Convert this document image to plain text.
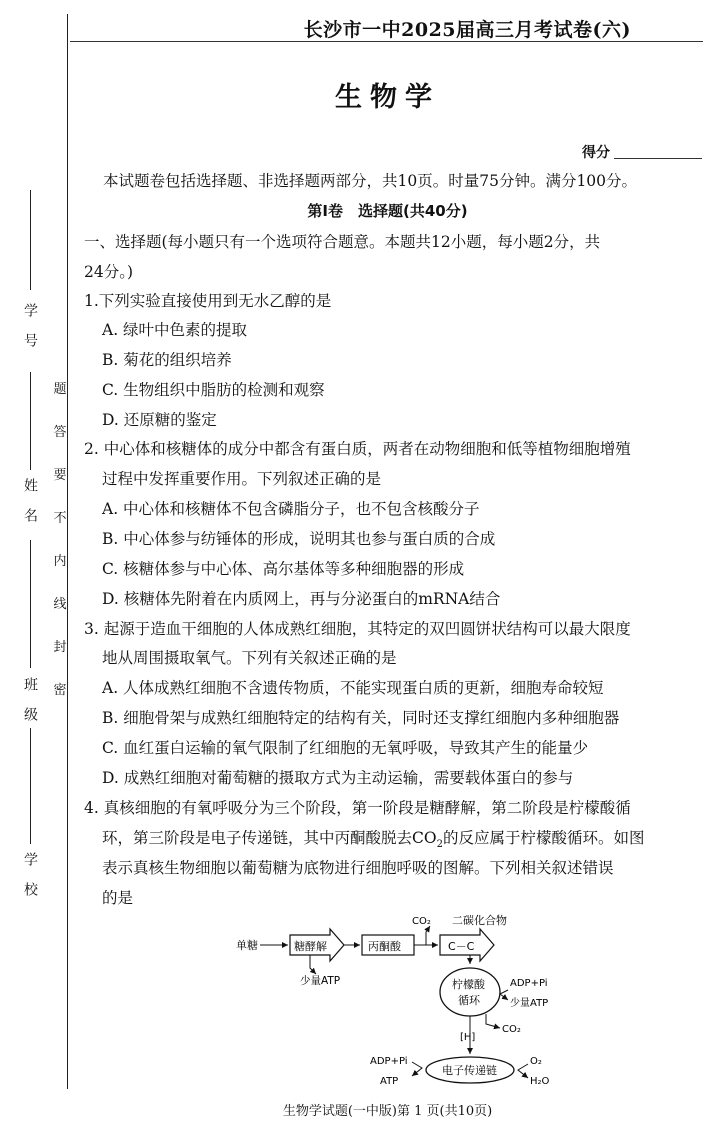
题
答
要
不
内
线
封
密
学 号
姓 名
班 级
学 校
长沙市一中2025届高三月考试卷(六)
生物学
得分
本试题卷包括选择题、非选择题两部分，共10页。时量75分钟。满分100分。
第Ⅰ卷　选择题(共40分)
一、选择题(每小题只有一个选项符合题意。本题共12小题，每小题2分，共
24分。)
1.下列实验直接使用到无水乙醇的是
A. 绿叶中色素的提取
B. 菊花的组织培养
C. 生物组织中脂肪的检测和观察
D. 还原糖的鉴定
2. 中心体和核糖体的成分中都含有蛋白质，两者在动物细胞和低等植物细胞增殖
过程中发挥重要作用。下列叙述正确的是
A. 中心体和核糖体不包含磷脂分子，也不包含核酸分子
B. 中心体参与纺锤体的形成，说明其也参与蛋白质的合成
C. 核糖体参与中心体、高尔基体等多种细胞器的形成
D. 核糖体先附着在内质网上，再与分泌蛋白的mRNA结合
3. 起源于造血干细胞的人体成熟红细胞，其特定的双凹圆饼状结构可以最大限度
地从周围摄取氧气。下列有关叙述正确的是
A. 人体成熟红细胞不含遗传物质，不能实现蛋白质的更新，细胞寿命较短
B. 细胞骨架与成熟红细胞特定的结构有关，同时还支撑红细胞内多种细胞器
C. 血红蛋白运输的氧气限制了红细胞的无氧呼吸，导致其产生的能量少
D. 成熟红细胞对葡萄糖的摄取方式为主动运输，需要载体蛋白的参与
4. 真核细胞的有氧呼吸分为三个阶段，第一阶段是糖酵解，第二阶段是柠檬酸循
环，第三阶段是电子传递链，其中丙酮酸脱去$CO_2$的反应属于柠檬酸循环。如图
表示真核生物细胞以葡萄糖为底物进行细胞呼吸的图解。下列相关叙述错误
的是
单糖	糖酵解
少量ATP
丙酮酸
CO₂
C－C
二碳化合物
柠檬酸
循环
ADP+Pi
少量ATP
CO₂
[H]
电子传递链
ADP+Pi
ATP
O₂
H₂O
生物学试题(一中版)第 1 页(共10页)
